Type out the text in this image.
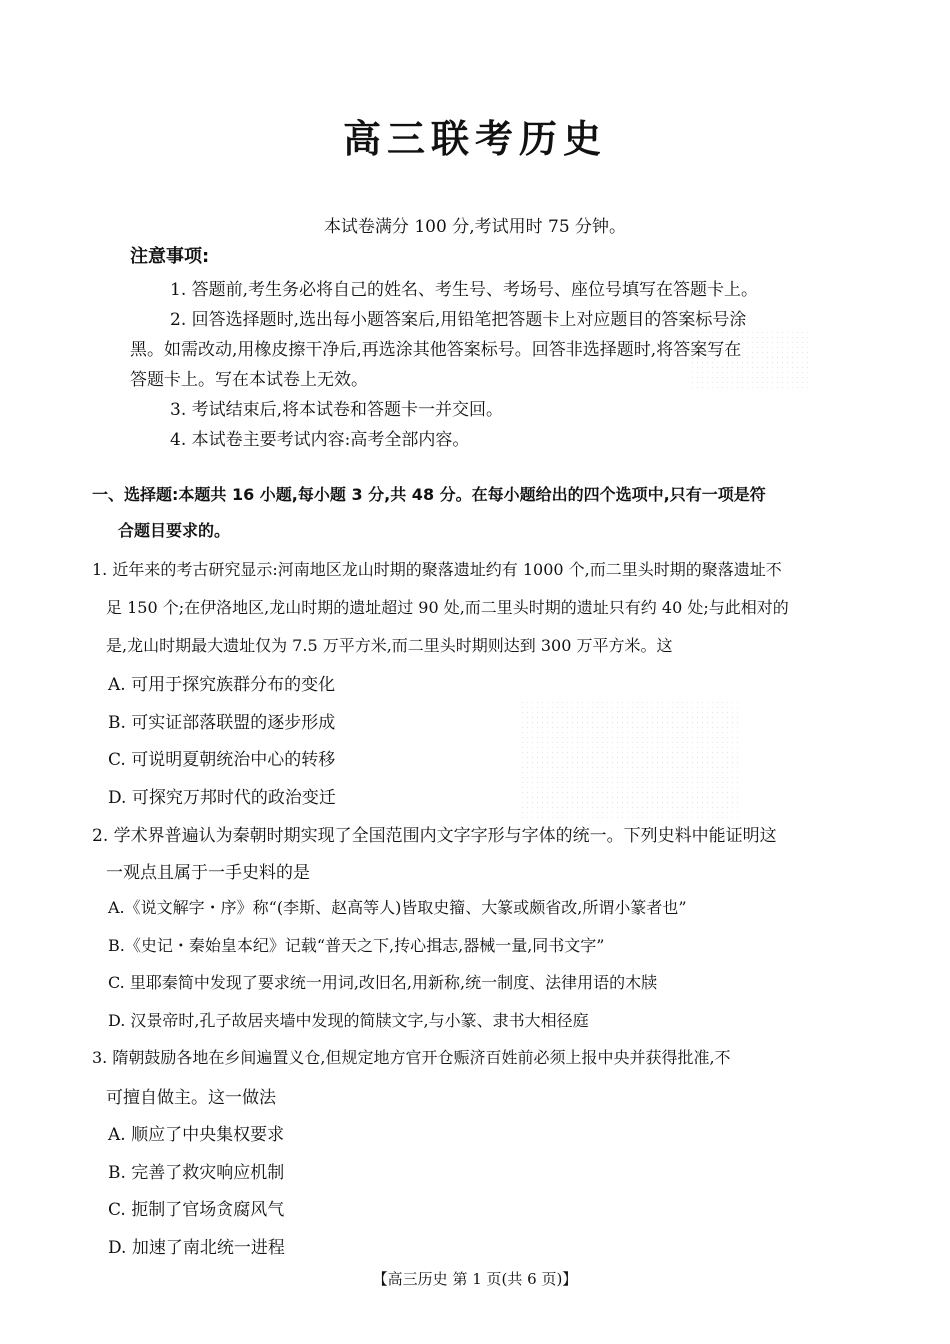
高三联考历史
本试卷满分 100 分,考试用时 75 分钟。
注意事项:
1. 答题前,考生务必将自己的姓名、考生号、考场号、座位号填写在答题卡上。
2. 回答选择题时,选出每小题答案后,用铅笔把答题卡上对应题目的答案标号涂
黑。如需改动,用橡皮擦干净后,再选涂其他答案标号。回答非选择题时,将答案写在
答题卡上。写在本试卷上无效。
3. 考试结束后,将本试卷和答题卡一并交回。
4. 本试卷主要考试内容:高考全部内容。
一、选择题:本题共 16 小题,每小题 3 分,共 48 分。在每小题给出的四个选项中,只有一项是符
合题目要求的。
1. 近年来的考古研究显示:河南地区龙山时期的聚落遗址约有 1000 个,而二里头时期的聚落遗址不
足 150 个;在伊洛地区,龙山时期的遗址超过 90 处,而二里头时期的遗址只有约 40 处;与此相对的
是,龙山时期最大遗址仅为 7.5 万平方米,而二里头时期则达到 300 万平方米。这
A. 可用于探究族群分布的变化
B. 可实证部落联盟的逐步形成
C. 可说明夏朝统治中心的转移
D. 可探究万邦时代的政治变迁
2. 学术界普遍认为秦朝时期实现了全国范围内文字字形与字体的统一。下列史料中能证明这
一观点且属于一手史料的是
A.《说文解字・序》称“(李斯、赵高等人)皆取史籀、大篆或颇省改,所谓小篆者也”
B.《史记・秦始皇本纪》记载“普天之下,抟心揖志,器械一量,同书文字”
C. 里耶秦简中发现了要求统一用词,改旧名,用新称,统一制度、法律用语的木牍
D. 汉景帝时,孔子故居夹墙中发现的简牍文字,与小篆、隶书大相径庭
3. 隋朝鼓励各地在乡间遍置义仓,但规定地方官开仓赈济百姓前必须上报中央并获得批准,不
可擅自做主。这一做法
A. 顺应了中央集权要求
B. 完善了救灾响应机制
C. 扼制了官场贪腐风气
D. 加速了南北统一进程
【高三历史 第 1 页(共 6 页)】
